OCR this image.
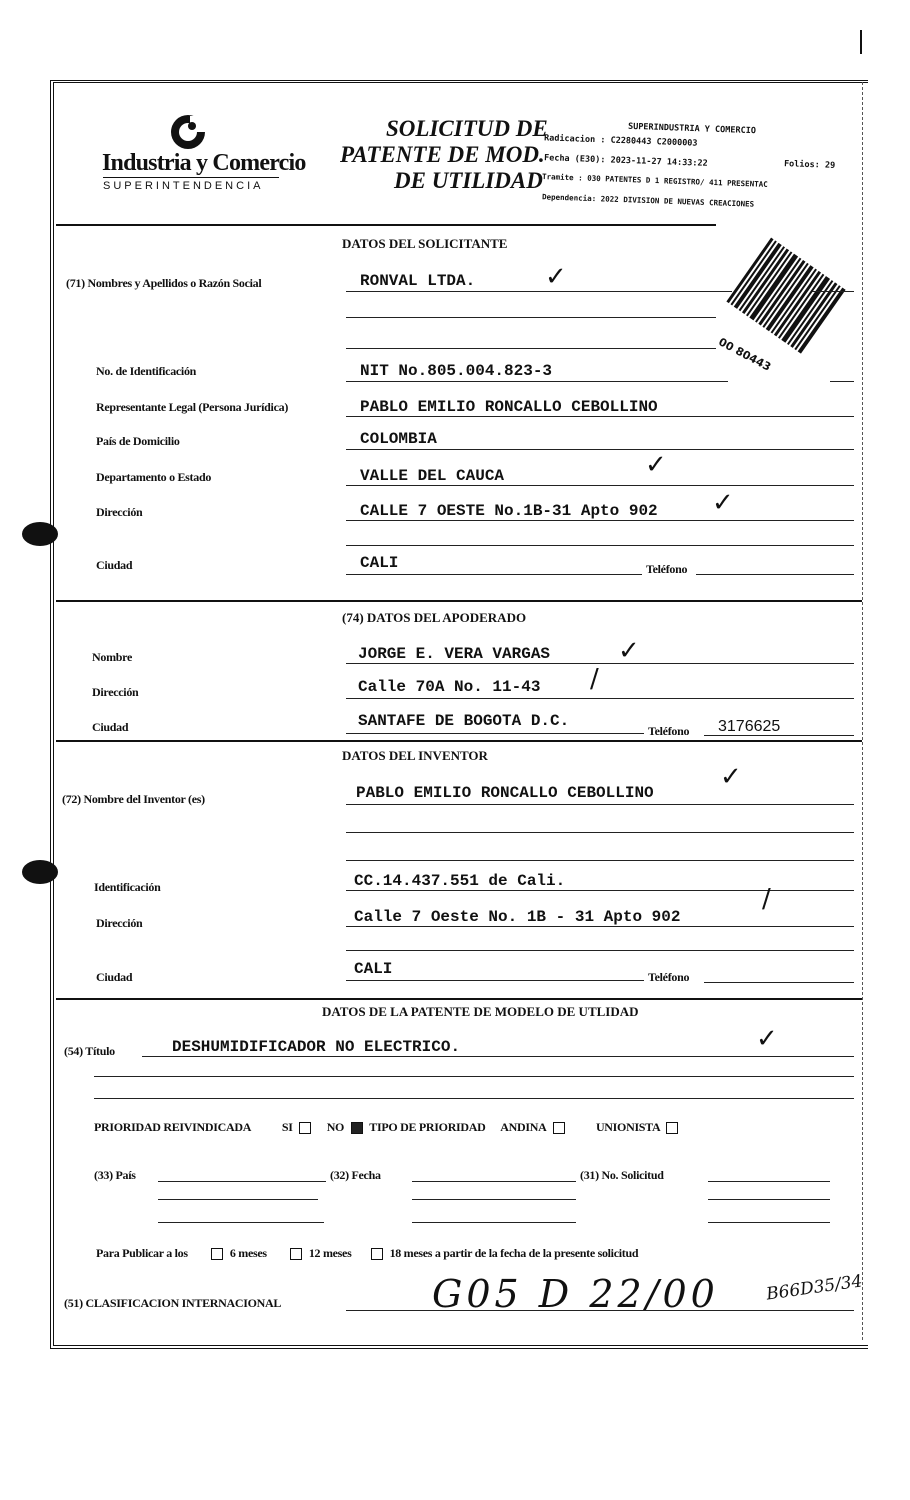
Industria y Comercio
SUPERINTENDENCIA
SOLICITUD DE
PATENTE DE MOD.
DE UTILIDAD
SUPERINDUSTRIA Y COMERCIO
Radicacion : C2280443 C2000003
Fecha (E30): 2023-11-27 14:33:22	Folios: 29
Tramite : 030 PATENTES D 1 REGISTRO/ 411 PRESENTAC
Dependencia: 2022 DIVISION DE NUEVAS CREACIONES
00 80443
DATOS DEL SOLICITANTE
(71) Nombres y Apellidos o Razón Social	RONVAL LTDA.	✓
No. de Identificación	NIT No.805.004.823-3
Representante Legal (Persona Jurídica)	PABLO EMILIO RONCALLO CEBOLLINO
País de Domicilio	COLOMBIA
Departamento o Estado	VALLE DEL CAUCA	✓
Dirección	CALLE 7 OESTE No.1B-31 Apto 902 ✓
Ciudad	CALI	Teléfono
(74) DATOS DEL APODERADO
Nombre	JORGE E. VERA VARGAS	✓
Dirección	Calle 70A No. 11-43 ∕
Ciudad	SANTAFE DE BOGOTA D.C.
Teléfono 3176625
DATOS DEL INVENTOR
(72) Nombre del Inventor (es)	PABLO EMILIO RONCALLO CEBOLLINO
✓
Identificación	CC.14.437.551 de Cali.
Dirección	Calle 7 Oeste No. 1B - 31 Apto 902
∕
Ciudad	CALI	Teléfono
DATOS DE LA PATENTE DE MODELO DE UTLIDAD
(54) Título	DESHUMIDIFICADOR NO ELECTRICO.	✓
PRIORIDAD REIVINDICADA	SI	NO TIPO DE PRIORIDAD ANDINA	UNIONISTA
(33) País	(32) Fecha	(31) No. Solicitud
Para Publicar a los	6 meses	12 meses	18 meses a partir de la fecha de la presente solicitud
(51) CLASIFICACION INTERNACIONAL	G05 D 22/00	B66D35/34
